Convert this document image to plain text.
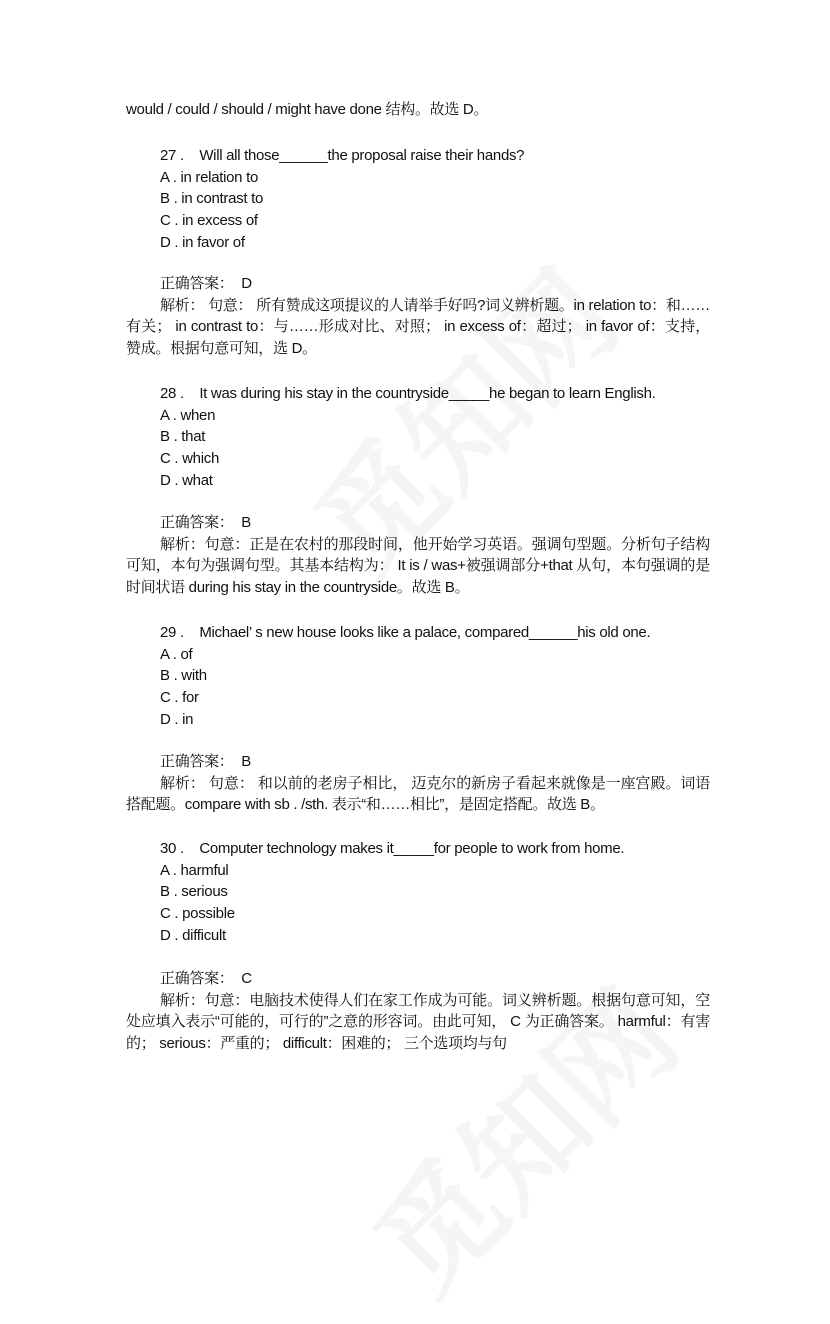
would / could / should / might have done 结构。故选 D。
27 . Will all those______the proposal raise their hands?
A . in relation to
B . in contrast to
C . in excess of
D . in favor of
正确答案： D
解析： 句意： 所有赞成这项提议的人请举手好吗?词义辨析题。in relation to：和……有关； in contrast to：与……形成对比、对照； in excess of：超过； in favor of：支持，赞成。根据句意可知，选 D。
28 . It was during his stay in the countryside_____he began to learn English.
A . when
B . that
C . which
D . what
正确答案： B
解析：句意：正是在农村的那段时间，他开始学习英语。强调句型题。分析句子结构可知，本句为强调句型。其基本结构为： It is / was+被强调部分+that 从句，本句强调的是时间状语 during his stay in the countryside。故选 B。
29 . Michael’ s new house looks like a palace, compared______his old one.
A . of
B . with
C . for
D . in
正确答案： B
解析： 句意： 和以前的老房子相比， 迈克尔的新房子看起来就像是一座宫殿。词语搭配题。compare with sb . /sth. 表示“和……相比”，是固定搭配。故选 B。
30 . Computer technology makes it_____for people to work from home.
A . harmful
B . serious
C . possible
D . difficult
正确答案： C
解析：句意：电脑技术使得人们在家工作成为可能。词义辨析题。根据句意可知，空处应填入表示“可能的，可行的”之意的形容词。由此可知， C 为正确答案。 harmful：有害的； serious：严重的； difficult：困难的； 三个选项均与句
